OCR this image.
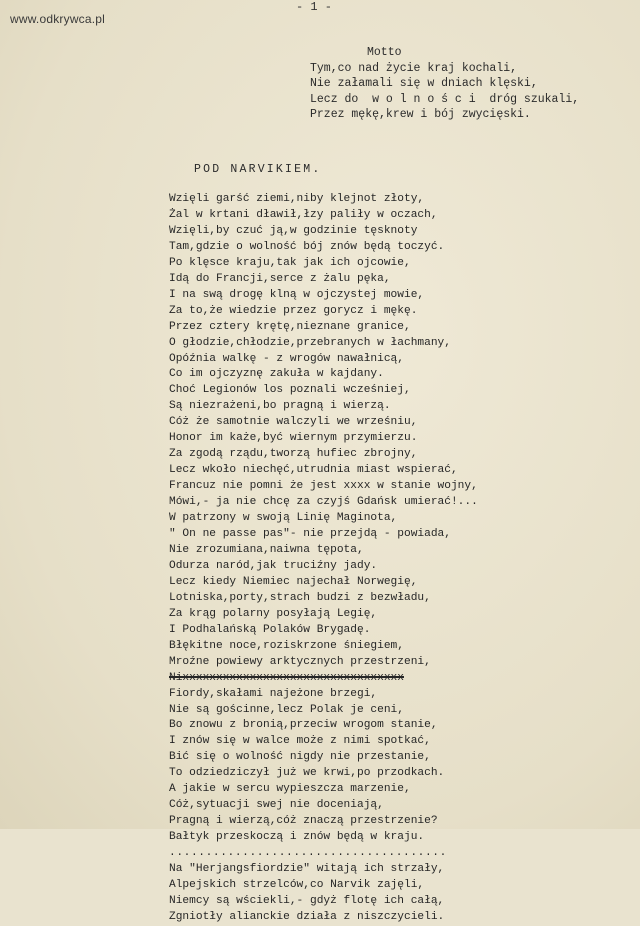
www.odkrywca.pl
- 1 -
Motto
Tym,co nad życie kraj kochali,
Nie załamali się w dniach klęski,
Lecz do  w o l n o ś c i  dróg szukali,
Przez mękę,krew i bój zwycięski.
POD NARVIKIEM.
Wzięli garść ziemi,niby klejnot złoty,
Żal w krtani dławił,łzy paliły w oczach,
Wzięli,by czuć ją,w godzinie tęsknoty
Tam,gdzie o wolność bój znów będą toczyć.
Po klęsce kraju,tak jak ich ojcowie,
Idą do Francji,serce z żalu pęka,
I na swą drogę klną w ojczystej mowie,
Za to,że wiedzie przez gorycz i mękę.
Przez cztery krętę,nieznane granice,
O głodzie,chłodzie,przebranych w łachmany,
Opóźnia walkę - z wrogów nawałnicą,
Co im ojczyznę zakuła w kajdany.
Choć Legionów los poznali wcześniej,
Są niezrażeni,bo pragną i wierzą.
Cóż że samotnie walczyli we wrześniu,
Honor im każe,być wiernym przymierzu.
Za zgodą rządu,tworzą hufiec zbrojny,
Lecz wkoło niechęć,utrudnia miast wspierać,
Francuz nie pomni że jest xxxx w stanie wojny,
Mówi,- ja nie chcę za czyjś Gdańsk umierać!...
W patrzony w swoją Linię Maginota,
" On ne passe pas"- nie przejdą - powiada,
Nie zrozumiana,naiwna tępota,
Odurza naród,jak truciźny jady.
Lecz kiedy Niemiec najechał Norwegię,
Lotniska,porty,strach budzi z bezwładu,
Za krąg polarny posyłają Legię,
I Podhalańską Polaków Brygadę.
Błękitne noce,roziskrzone śniegiem,
Mroźne powiewy arktycznych przestrzeni,
Nixxxxxxxxxxxxxxxxxxxxxxxxxxxxxxxxx
Fiordy,skałami najeżone brzegi,
Nie są gościnne,lecz Polak je ceni,
Bo znowu z bronią,przeciw wrogom stanie,
I znów się w walce może z nimi spotkać,
Bić się o wolność nigdy nie przestanie,
To odziedziczył już we krwi,po przodkach.
A jakie w sercu wypieszcza marzenie,
Cóż,sytuacji swej nie doceniają,
Pragną i wierzą,cóż znaczą przestrzenie?
Bałtyk przeskoczą i znów będą w kraju.
......................................
Na "Herjangsfiordzie" witają ich strzały,
Alpejskich strzelców,co Narvik zajęli,
Niemcy są wściekli,- gdyż flotę ich całą,
Zgniotły alianckie działa z niszczycieli.
